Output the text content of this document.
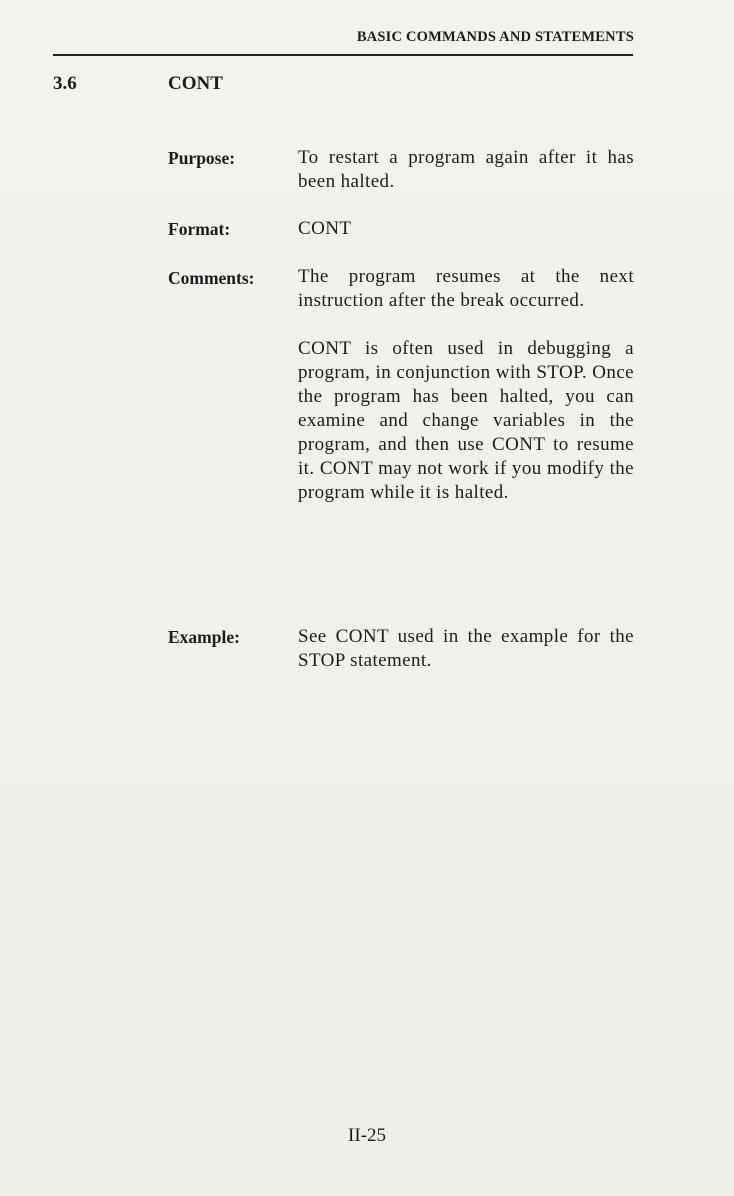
BASIC COMMANDS AND STATEMENTS
3.6	CONT
Purpose:	To restart a program again after it has been halted.

Format:	CONT

Comments: The program resumes at the next instruction after the break occurred.

CONT is often used in debugging a program, in conjunction with STOP. Once the program has been halted, you can examine and change variables in the program, and then use CONT to resume it. CONT may not work if you modify the program while it is halted.

Example:	See CONT used in the example for the STOP statement.

II-25
